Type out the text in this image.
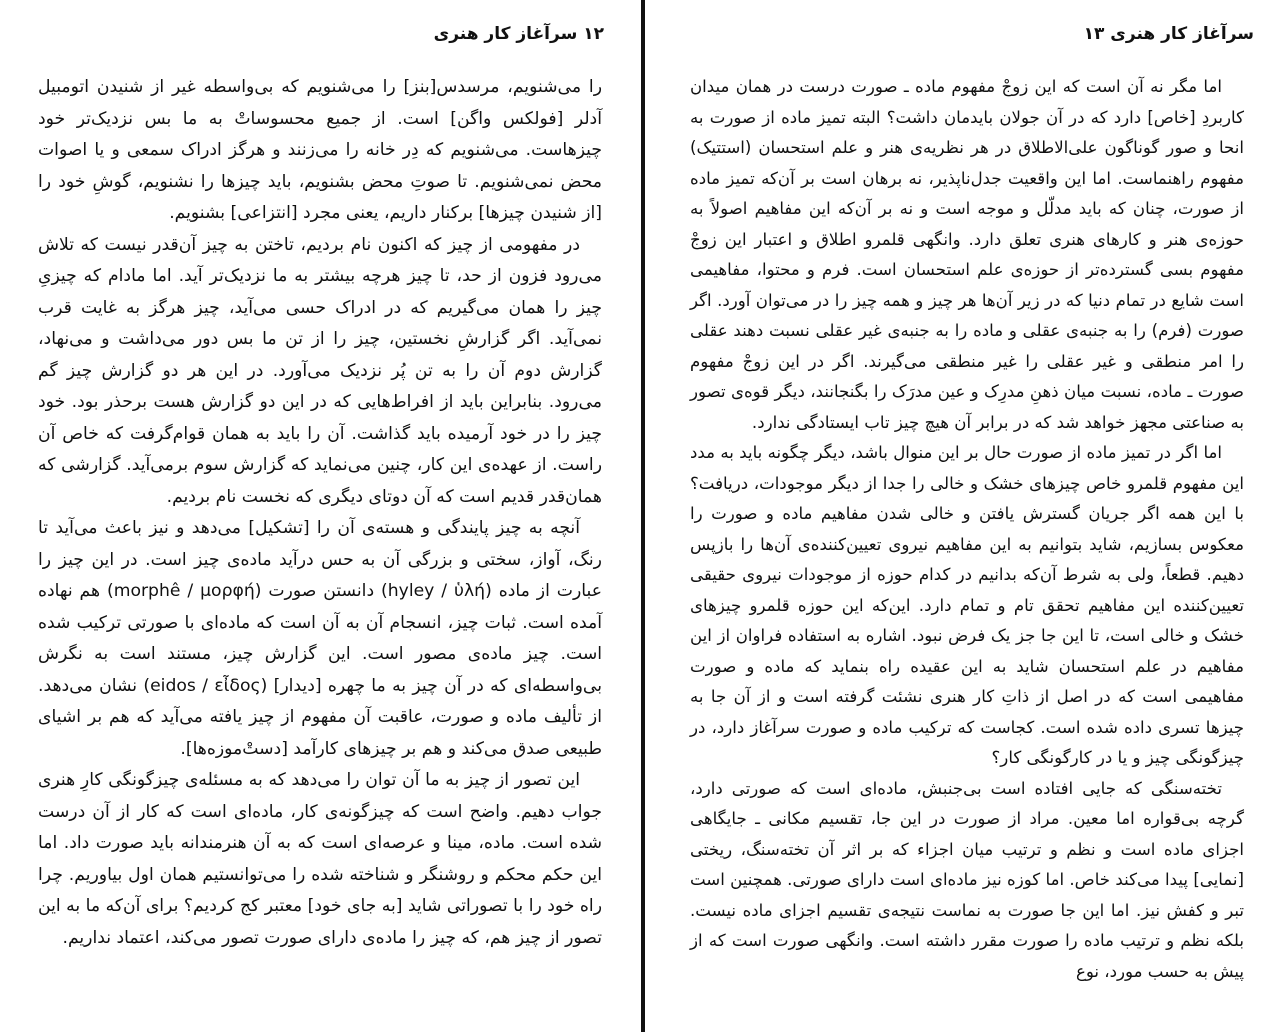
۱۲ سرآغاز کار هنری

را می‌شنویم، مرسدس[بنز] را می‌شنویم که بی‌واسطه غیر از شنیدن اتومبیل آدلر [فولکس واگن] است. از جمیع محسوساتْ به ما بس نزدیک‌تر خود چیزهاست. می‌شنویم که دِر خانه را می‌زنند و هرگز ادراک سمعی و یا اصوات محض نمی‌شنویم. تا صوتِ محض بشنویم، باید چیزها را نشنویم، گوشِ خود را [از شنیدن چیزها] برکنار داریم، یعنی مجرد [انتزاعی] بشنویم.

در مفهومی از چیز که اکنون نام بردیم، تاختن به چیز آن‌قدر نیست که تلاش می‌رود فزون از حد، تا چیز هرچه بیشتر به ما نزدیک‌تر آید. اما مادام که چیزیِ چیز را همان می‌گیریم که در ادراک حسی می‌آید، چیز هرگز به غایت قرب نمی‌آید. اگر گزارشِ نخستین، چیز را از تن ما بس دور می‌داشت و می‌نهاد، گزارش دوم آن را به تن پُر نزدیک می‌آورد. در این هر دو گزارش چیز گم می‌رود. بنابراین باید از افراط‌هایی که در این دو گزارش هست برحذر بود. خود چیز را در خود آرمیده باید گذاشت. آن را باید به همان قوام‌گرفت که خاص آن راست. از عهده‌ی این کار، چنین می‌نماید که گزارش سوم برمی‌آید. گزارشی که همان‌قدر قدیم است که آن دوتای دیگری که نخست نام بردیم.

آنچه به چیز پایندگی و هسته‌ی آن را [تشکیل] می‌دهد و نیز باعث می‌آید تا رنگ، آواز، سختی و بزرگی آن به حس درآید ماده‌ی چیز است. در این چیز را عبارت از ماده (hyley / ὑλή) دانستن صورت (morphê / μορφή) هم نهاده آمده است. ثبات چیز، انسجام آن به آن است که ماده‌ای با صورتی ترکیب شده است. چیز ماده‌ی مصور است. این گزارش چیز، مستند است به نگرش بی‌واسطه‌ای که در آن چیز به ما چهره [دیدار] (eidos / εἶδος) نشان می‌دهد. از تألیف ماده و صورت، عاقبت آن مفهوم از چیز یافته می‌آید که هم بر اشیای طبیعی صدق می‌کند و هم بر چیزهای کارآمد [دستْ‌موزه‌ها].

این تصور از چیز به ما آن توان را می‌دهد که به مسئله‌ی چیزگونگی کارِ هنری جواب دهیم. واضح است که چیزگونه‌ی کار، ماده‌ای است که کار از آن درست شده است. ماده، مینا و عرصه‌ای است که به آن هنرمندانه باید صورت داد. اما این حکم محکم و روشنگر و شناخته شده را می‌توانستیم همان اول بیاوریم. چرا راه خود را با تصوراتی شاید [به جای خود] معتبر کج کردیم؟ برای آن‌که ما به این تصور از چیز هم، که چیز را ماده‌ی دارای صورت تصور می‌کند، اعتماد نداریم.

سرآغاز کار هنری ۱۳

اما مگر نه آن است که این زوجْ مفهوم ماده ـ صورت درست در همان میدان کاربردِ [خاص] دارد که در آن جولان بایدمان داشت؟ البته تمیز ماده از صورت به انحا و صور گوناگون علی‌الاطلاق در هر نظریه‌ی هنر و علم استحسان (استتیک) مفهوم راهنماست. اما این واقعیت جدل‌ناپذیر، نه برهان است بر آن‌که تمیز ماده از صورت، چنان که باید مدلّل و موجه است و نه بر آن‌که این مفاهیم اصولاً به حوزه‌ی هنر و کارهای هنری تعلق دارد. وانگهی قلمرو اطلاق و اعتبار این زوجْ مفهوم بسی گسترده‌تر از حوزه‌ی علم استحسان است. فرم و محتوا، مفاهیمی است شایع در تمام دنیا که در زیر آن‌ها هر چیز و همه چیز را در می‌توان آورد. اگر صورت (فرم) را به جنبه‌ی عقلی و ماده را به جنبه‌ی غیر عقلی نسبت دهند عقلی را امر منطقی و غیر عقلی را غیر منطقی می‌گیرند. اگر در این زوجْ مفهوم صورت ـ ماده، نسبت میان ذهنِ مدرِک و عین مدرَک را بگنجانند، دیگر قوه‌ی تصور به صناعتی مجهز خواهد شد که در برابر آن هیچ چیز تاب ایستادگی ندارد.

اما اگر در تمیز ماده از صورت حال بر این منوال باشد، دیگر چگونه باید به مدد این مفهوم قلمرو خاص چیزهای خشک و خالی را جدا از دیگر موجودات، دریافت؟ با این همه اگر جریان گسترش یافتن و خالی شدن مفاهیم ماده و صورت را معکوس بسازیم، شاید بتوانیم به این مفاهیم نیروی تعیین‌کننده‌ی آن‌ها را بازپس دهیم. قطعاً، ولی به شرط آن‌که بدانیم در کدام حوزه از موجودات نیروی حقیقی تعیین‌کننده این مفاهیم تحقق تام و تمام دارد. این‌که این حوزه قلمرو چیزهای خشک و خالی است، تا این جا جز یک فرض نبود. اشاره به استفاده فراوان از این مفاهیم در علم استحسان شاید به این عقیده راه بنماید که ماده و صورت مفاهیمی است که در اصل از ذاتِ کار هنری نشئت گرفته است و از آن جا به چیزها تسری داده شده است. کجاست که ترکیب ماده و صورت سرآغاز دارد، در چیزگونگی چیز و یا در کارگونگی کار؟

تخته‌سنگی که جایی افتاده است بی‌جنبش، ماده‌ای است که صورتی دارد، گرچه بی‌قواره اما معین. مراد از صورت در این جا، تقسیم مکانی ـ جایگاهی اجزای ماده است و نظم و ترتیب میان اجزاء که بر اثر آن تخته‌سنگ، ریختی [نمایی] پیدا می‌کند خاص. اما کوزه نیز ماده‌ای است دارای صورتی. همچنین است تبر و کفش نیز. اما این جا صورت به نماست نتیجه‌ی تقسیم اجزای ماده نیست. بلکه نظم و ترتیب ماده را صورت مقرر داشته است. وانگهی صورت است که از پیش به حسب مورد، نوع
